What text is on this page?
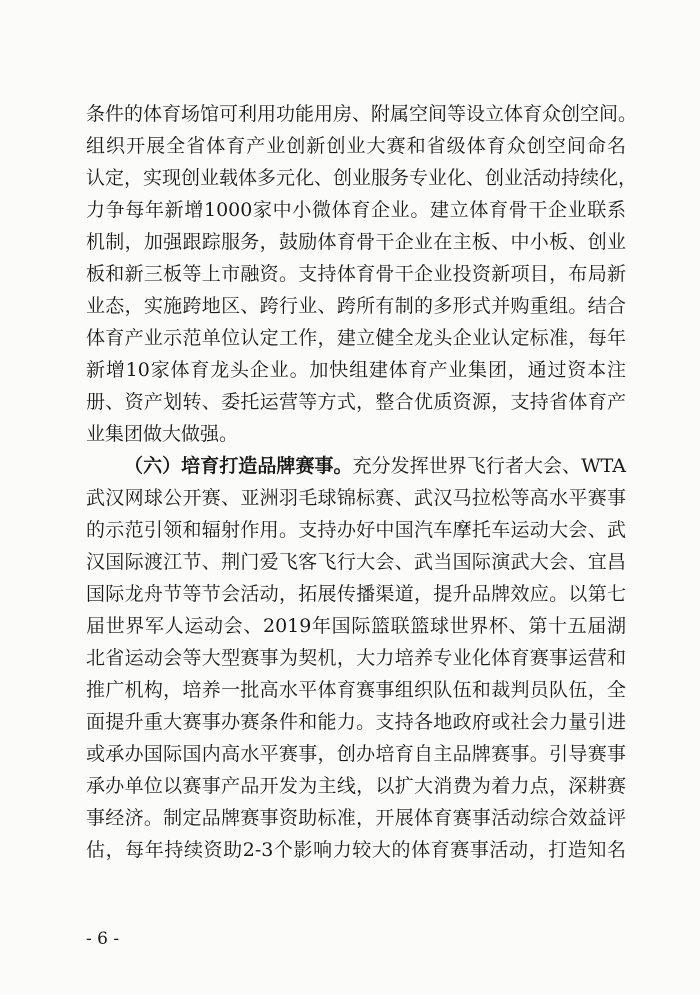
条件的体育场馆可利用功能用房、附属空间等设立体育众创空间。
组织开展全省体育产业创新创业大赛和省级体育众创空间命名
认定，实现创业载体多元化、创业服务专业化、创业活动持续化，
力争每年新增1000家中小微体育企业。建立体育骨干企业联系
机制，加强跟踪服务，鼓励体育骨干企业在主板、中小板、创业
板和新三板等上市融资。支持体育骨干企业投资新项目，布局新
业态，实施跨地区、跨行业、跨所有制的多形式并购重组。结合
体育产业示范单位认定工作，建立健全龙头企业认定标准，每年
新增10家体育龙头企业。加快组建体育产业集团，通过资本注
册、资产划转、委托运营等方式，整合优质资源，支持省体育产
业集团做大做强。
（六）培育打造品牌赛事。充分发挥世界飞行者大会、WTA
武汉网球公开赛、亚洲羽毛球锦标赛、武汉马拉松等高水平赛事
的示范引领和辐射作用。支持办好中国汽车摩托车运动大会、武
汉国际渡江节、荆门爱飞客飞行大会、武当国际演武大会、宜昌
国际龙舟节等节会活动，拓展传播渠道，提升品牌效应。以第七
届世界军人运动会、2019年国际篮联篮球世界杯、第十五届湖
北省运动会等大型赛事为契机，大力培养专业化体育赛事运营和
推广机构，培养一批高水平体育赛事组织队伍和裁判员队伍，全
面提升重大赛事办赛条件和能力。支持各地政府或社会力量引进
或承办国际国内高水平赛事，创办培育自主品牌赛事。引导赛事
承办单位以赛事产品开发为主线，以扩大消费为着力点，深耕赛
事经济。制定品牌赛事资助标准，开展体育赛事活动综合效益评
估，每年持续资助2-3个影响力较大的体育赛事活动，打造知名
- 6 -
